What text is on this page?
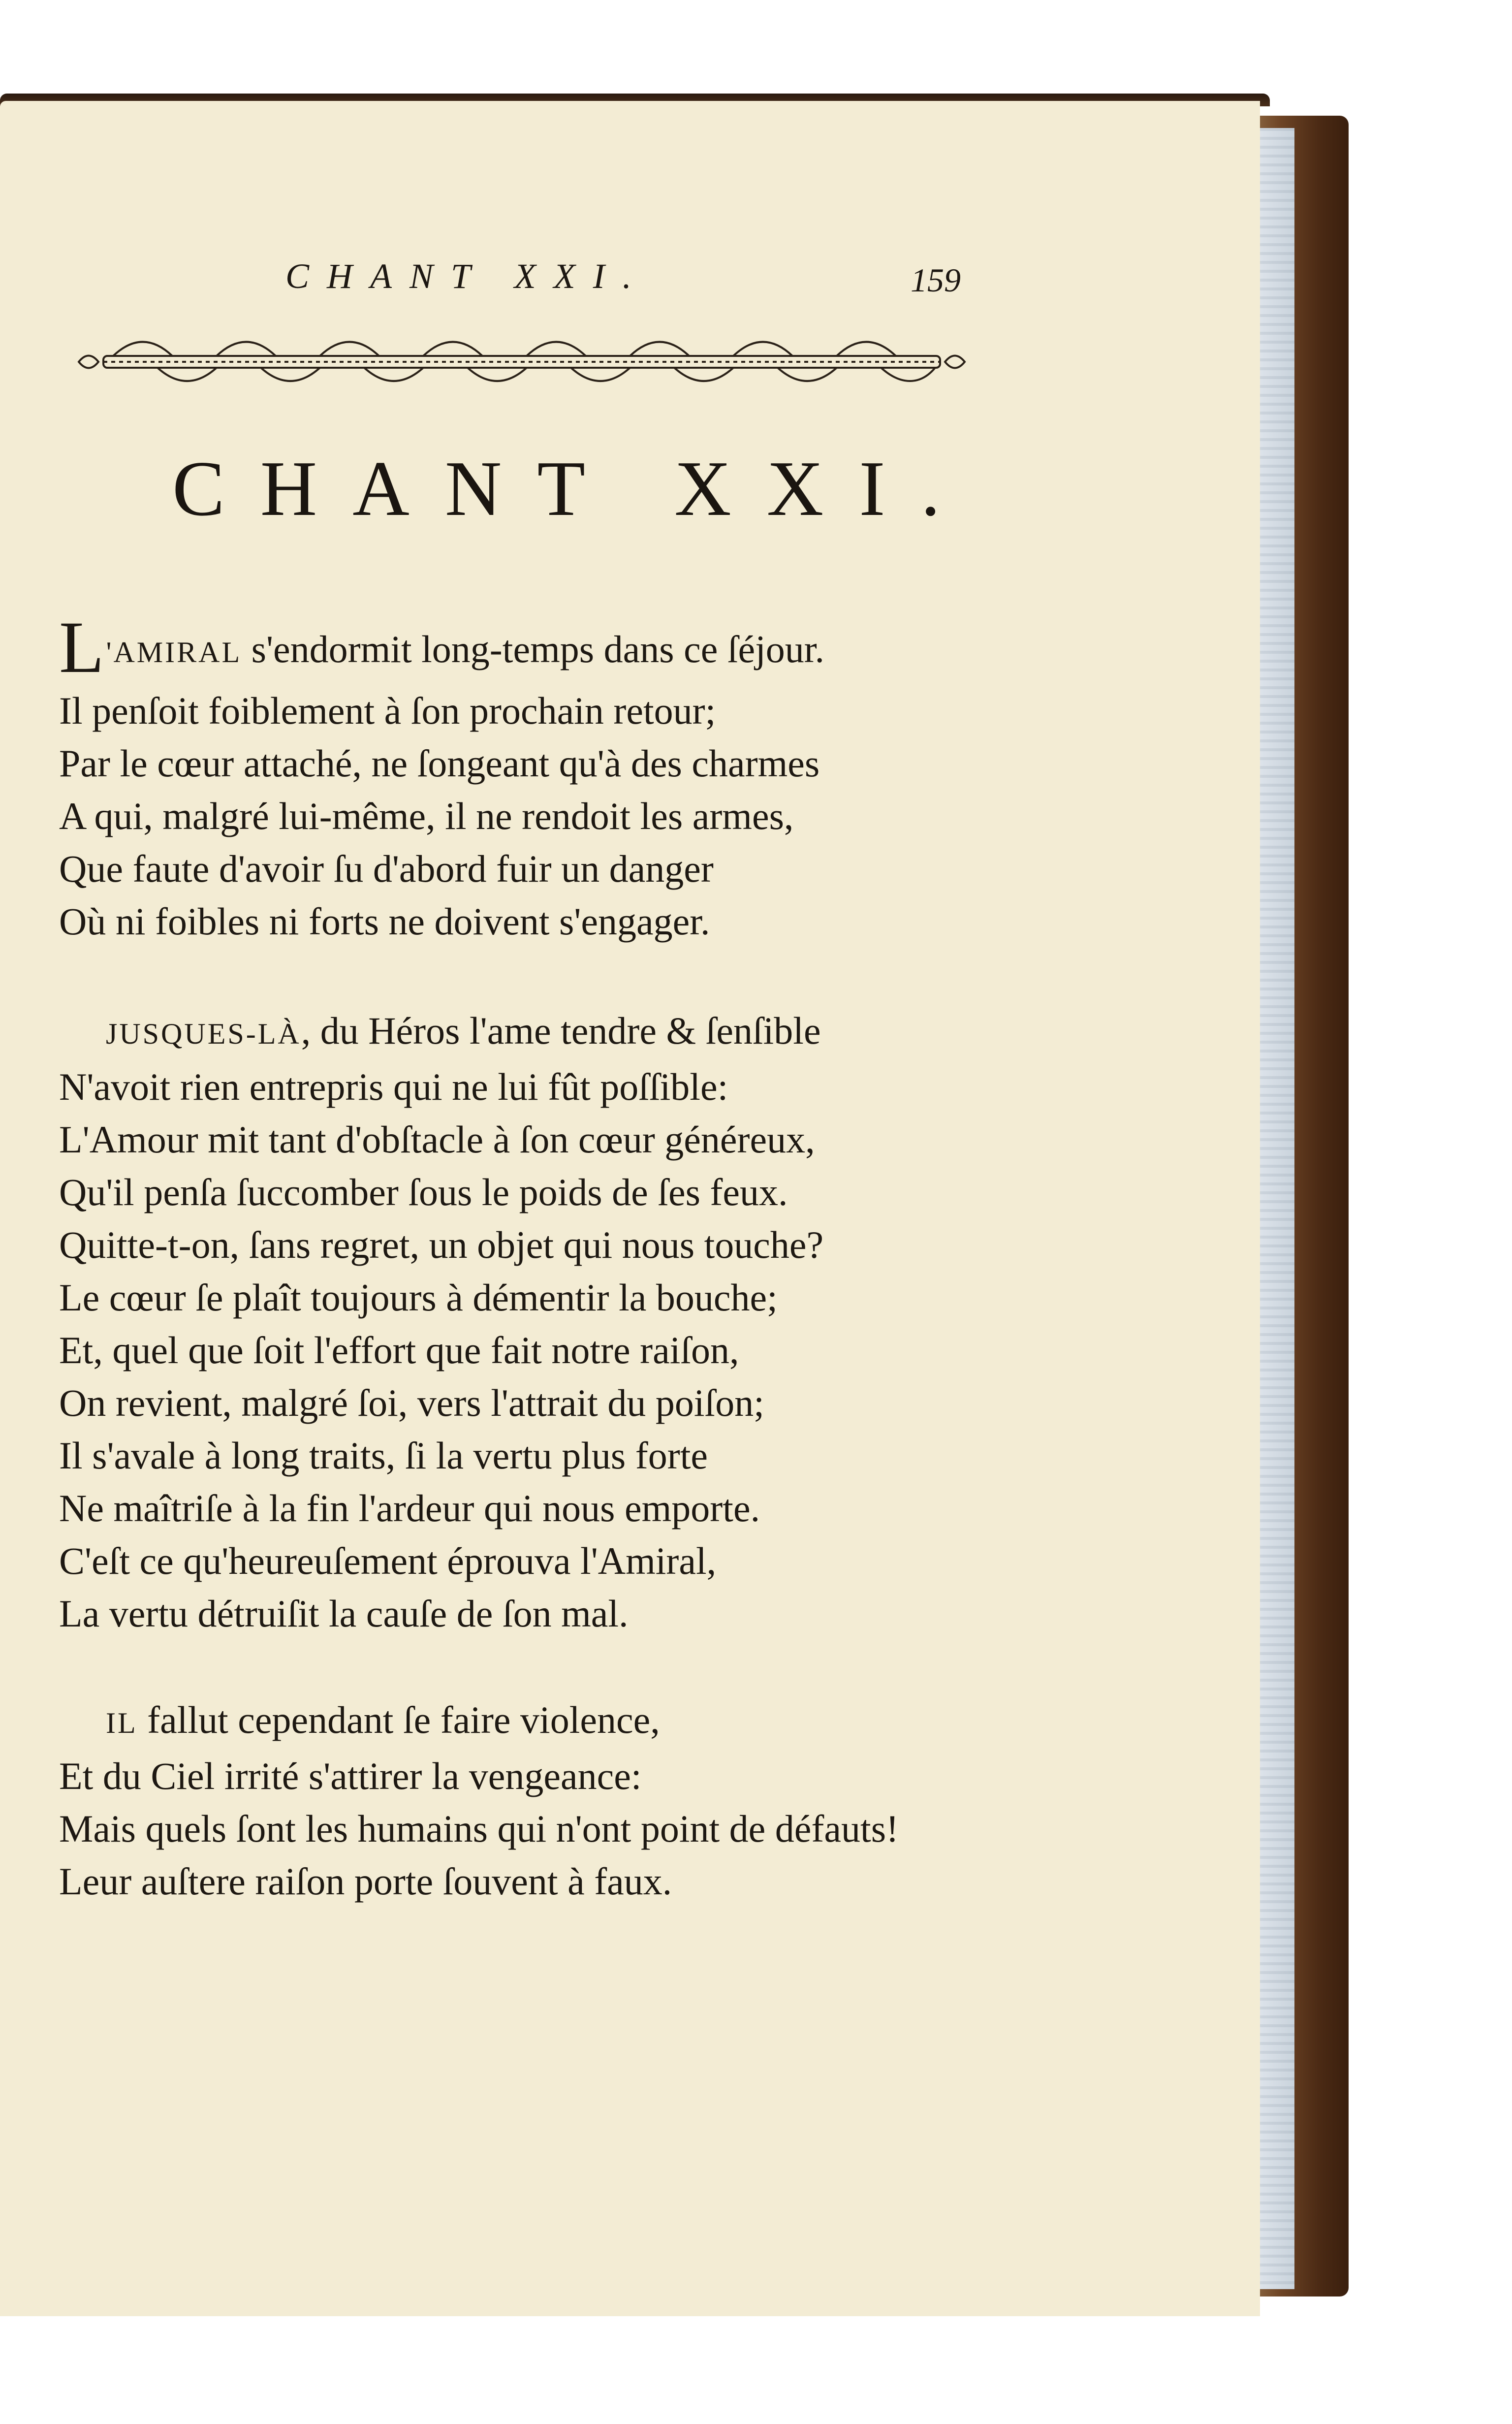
CHANT XXI.	159
CHANT XXI.

L'AMIRAL s'endormit long-temps dans ce ſéjour.

Il penſoit foiblement à ſon prochain retour;

Par le cœur attaché, ne ſongeant qu'à des charmes

A qui, malgré lui-même, il ne rendoit les armes,

Que faute d'avoir ſu d'abord fuir un danger

Où ni foibles ni forts ne doivent s'engager.

JUSQUES-LÀ, du Héros l'ame tendre & ſenſible

N'avoit rien entrepris qui ne lui fût poſſible:

L'Amour mit tant d'obſtacle à ſon cœur généreux,

Qu'il penſa ſuccomber ſous le poids de ſes feux.

Quitte-t-on, ſans regret, un objet qui nous touche?

Le cœur ſe plaît toujours à démentir la bouche;

Et, quel que ſoit l'effort que fait notre raiſon,

On revient, malgré ſoi, vers l'attrait du poiſon;

Il s'avale à long traits, ſi la vertu plus forte

Ne maîtriſe à la fin l'ardeur qui nous emporte.

C'eſt ce qu'heureuſement éprouva l'Amiral,

La vertu détruiſit la cauſe de ſon mal.

IL fallut cependant ſe faire violence,

Et du Ciel irrité s'attirer la vengeance:

Mais quels ſont les humains qui n'ont point de défauts!

Leur auſtere raiſon porte ſouvent à faux.
